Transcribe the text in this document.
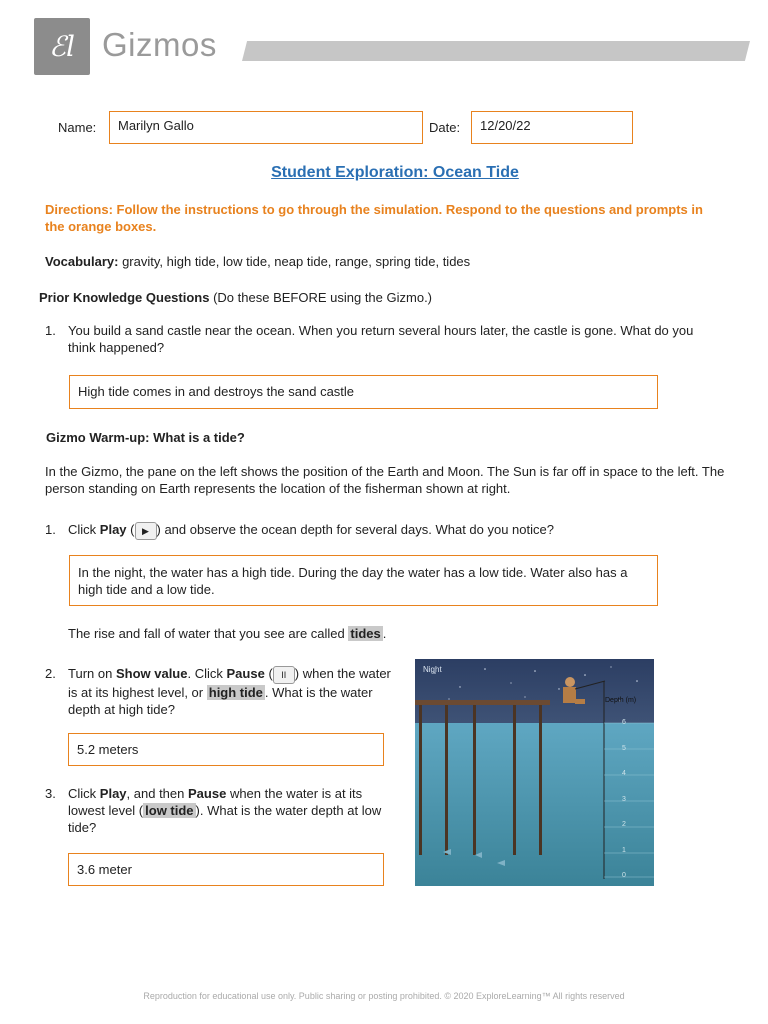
ℰl Gizmos
Name:	Marilyn Gallo	Date:	12/20/22
Student Exploration: Ocean Tide
Directions: Follow the instructions to go through the simulation. Respond to the questions and prompts in the orange boxes.
Vocabulary: gravity, high tide, low tide, neap tide, range, spring tide, tides
Prior Knowledge Questions (Do these BEFORE using the Gizmo.)
1. You build a sand castle near the ocean. When you return several hours later, the castle is gone. What do you think happened?
High tide comes in and destroys the sand castle
Gizmo Warm-up: What is a tide?
In the Gizmo, the pane on the left shows the position of the Earth and Moon. The Sun is far off in space to the left. The person standing on Earth represents the location of the fisherman shown at right.
1. Click Play ( ▶ ) and observe the ocean depth for several days. What do you notice?
In the night, the water has a high tide. During the day the water has a low tide. Water also has a high tide and a low tide.
The rise and fall of water that you see are called tides .
2. Turn on Show value. Click Pause ( II ) when the water is at its highest level, or high tide . What is the water depth at high tide?
5.2 meters
3. Click Play, and then Pause when the water is at its lowest level ( low tide ). What is the water depth at low tide?
3.6 meter
Night
Depth (m)
6
5
4
3
2
1
0
Reproduction for educational use only. Public sharing or posting prohibited. © 2020 ExploreLearning™ All rights reserved
